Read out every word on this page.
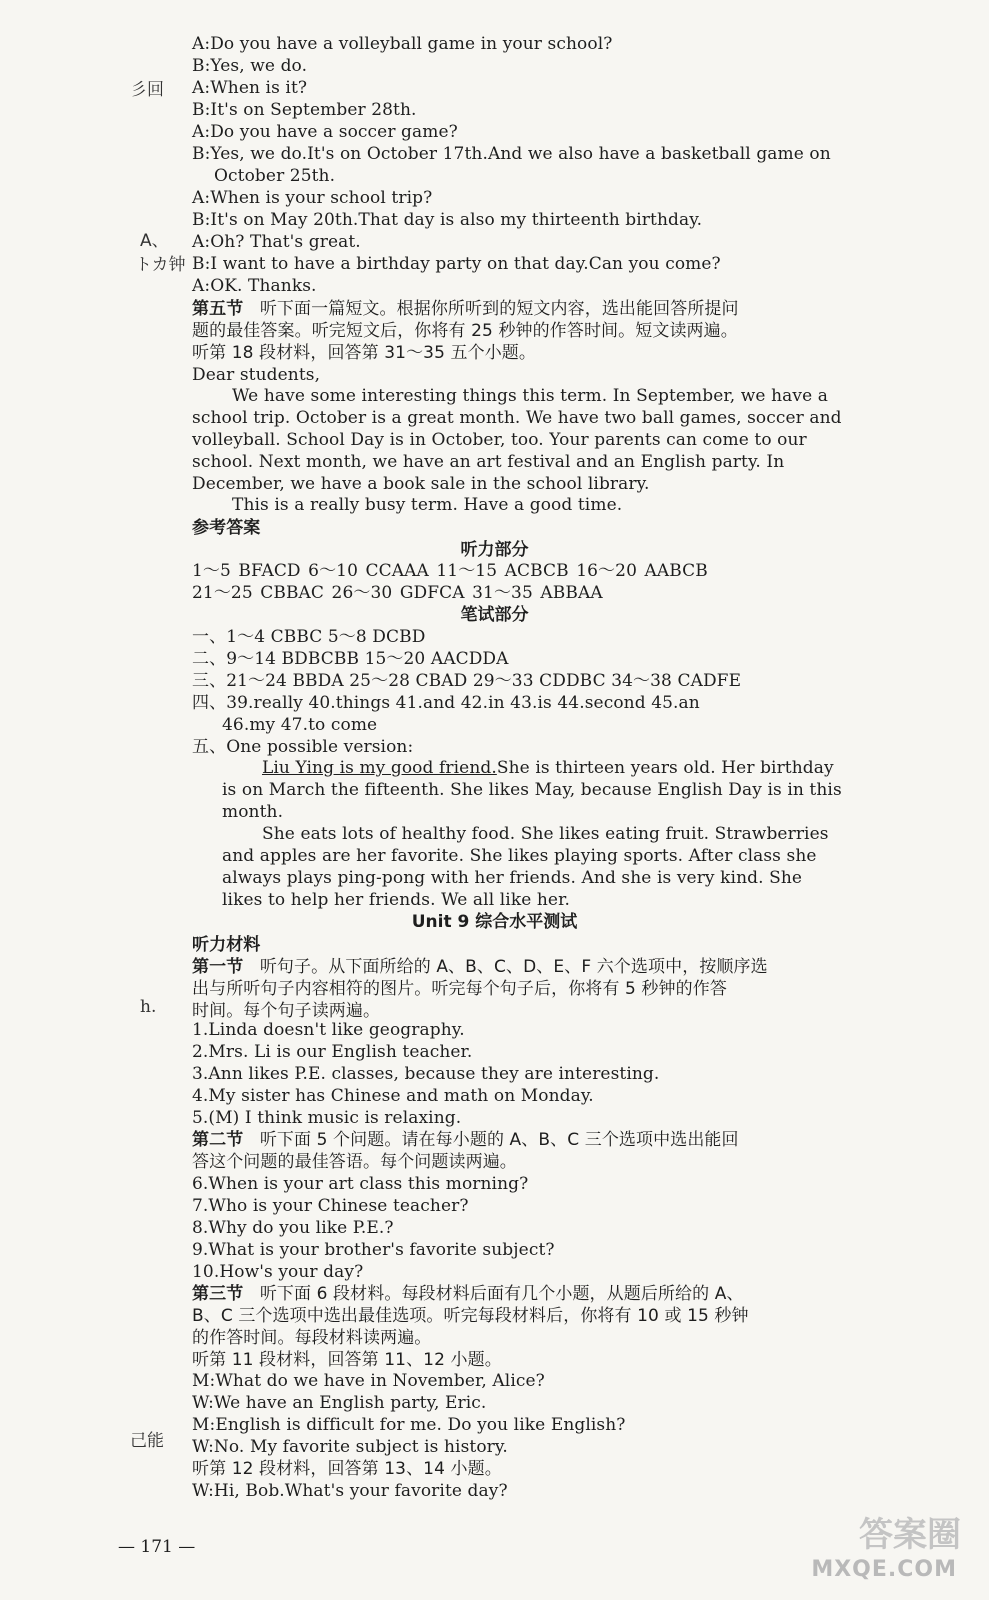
彡回
A、
トカ钟
h.
己能
A:Do you have a volleyball game in your school?
B:Yes, we do.
A:When is it?
B:It's on September 28th.
A:Do you have a soccer game?
B:Yes, we do.It's on October 17th.And we also have a basketball game on
October 25th.
A:When is your school trip?
B:It's on May 20th.That day is also my thirteenth birthday.
A:Oh? That's great.
B:I want to have a birthday party on that day.Can you come?
A:OK. Thanks.
第五节 听下面一篇短文。根据你所听到的短文内容，选出能回答所提问
题的最佳答案。听完短文后，你将有 25 秒钟的作答时间。短文读两遍。
听第 18 段材料，回答第 31～35 五个小题。
Dear students,
We have some interesting things this term. In September, we have a
school trip. October is a great month. We have two ball games, soccer and
volleyball. School Day is in October, too. Your parents can come to our
school. Next month, we have an art festival and an English party. In
December, we have a book sale in the school library.
This is a really busy term. Have a good time.
参考答案
听力部分
1～5 BFACD 6～10 CCAAA 11～15 ACBCB 16～20 AABCB
21～25 CBBAC 26～30 GDFCA 31～35 ABBAA
笔试部分
一、1～4 CBBC 5～8 DCBD
二、9～14 BDBCBB 15～20 AACDDA
三、21～24 BBDA 25～28 CBAD 29～33 CDDBC 34～38 CADFE
四、39.really 40.things 41.and 42.in 43.is 44.second 45.an
46.my 47.to come
五、One possible version:
Liu Ying is my good friend.She is thirteen years old. Her birthday
is on March the fifteenth. She likes May, because English Day is in this
month.
She eats lots of healthy food. She likes eating fruit. Strawberries
and apples are her favorite. She likes playing sports. After class she
always plays ping-pong with her friends. And she is very kind. She
likes to help her friends. We all like her.
Unit 9 综合水平测试
听力材料
第一节 听句子。从下面所给的 A、B、C、D、E、F 六个选项中，按顺序选
出与所听句子内容相符的图片。听完每个句子后，你将有 5 秒钟的作答
时间。每个句子读两遍。
1.Linda doesn't like geography.
2.Mrs. Li is our English teacher.
3.Ann likes P.E. classes, because they are interesting.
4.My sister has Chinese and math on Monday.
5.(M) I think music is relaxing.
第二节 听下面 5 个问题。请在每小题的 A、B、C 三个选项中选出能回
答这个问题的最佳答语。每个问题读两遍。
6.When is your art class this morning?
7.Who is your Chinese teacher?
8.Why do you like P.E.?
9.What is your brother's favorite subject?
10.How's your day?
第三节 听下面 6 段材料。每段材料后面有几个小题，从题后所给的 A、
B、C 三个选项中选出最佳选项。听完每段材料后，你将有 10 或 15 秒钟
的作答时间。每段材料读两遍。
听第 11 段材料，回答第 11、12 小题。
M:What do we have in November, Alice?
W:We have an English party, Eric.
M:English is difficult for me. Do you like English?
W:No. My favorite subject is history.
听第 12 段材料，回答第 13、14 小题。
W:Hi, Bob.What's your favorite day?
— 171 —	答案圈
MXQE.COM
